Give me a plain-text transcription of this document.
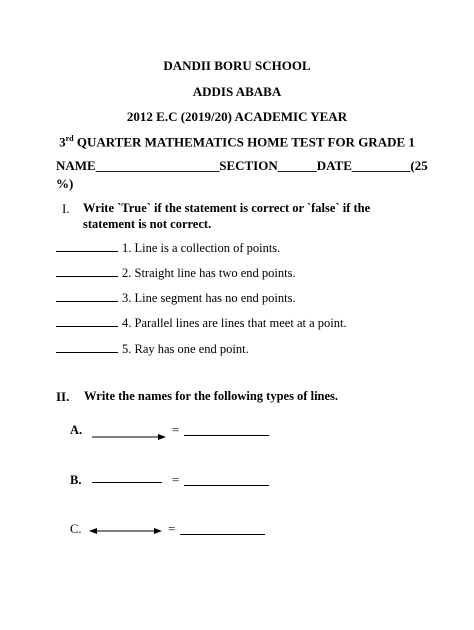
DANDII BORU SCHOOL
ADDIS ABABA
2012 E.C (2019/20) ACADEMIC YEAR
3rd QUARTER MATHEMATICS HOME TEST FOR GRADE 1
NAME___________________SECTION______DATE_________(25
%)
I. Write `True` if the statement is correct or `false` if the
statement is not correct.
1. Line is a collection of points.
2. Straight line has two end points.
3. Line segment has no end points.
4. Parallel lines are lines that meet at a point.
5. Ray has one end point.
II. Write the names for the following types of lines.
A.	=
B.	=
C.	=
